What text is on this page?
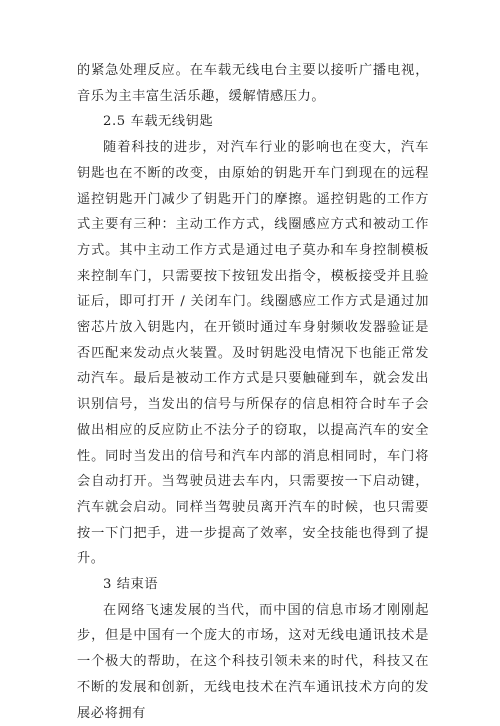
的紧急处理反应。在车载无线电台主要以接听广播电视，音乐为主丰富生活乐趣，缓解情感压力。

2.5 车载无线钥匙

随着科技的进步，对汽车行业的影响也在变大，汽车钥匙也在不断的改变，由原始的钥匙开车门到现在的远程遥控钥匙开门减少了钥匙开门的摩擦。遥控钥匙的工作方式主要有三种：主动工作方式，线圈感应方式和被动工作方式。其中主动工作方式是通过电子莫办和车身控制模板来控制车门，只需要按下按钮发出指令，模板接受并且验证后，即可打开 / 关闭车门。线圈感应工作方式是通过加密芯片放入钥匙内，在开锁时通过车身射频收发器验证是否匹配来发动点火装置。及时钥匙没电情况下也能正常发动汽车。最后是被动工作方式是只要触碰到车，就会发出识别信号，当发出的信号与所保存的信息相符合时车子会做出相应的反应防止不法分子的窃取，以提高汽车的安全性。同时当发出的信号和汽车内部的消息相同时，车门将会自动打开。当驾驶员进去车内，只需要按一下启动键，汽车就会启动。同样当驾驶员离开汽车的时候，也只需要按一下门把手，进一步提高了效率，安全技能也得到了提升。

3 结束语

在网络飞速发展的当代，而中国的信息市场才刚刚起步，但是中国有一个庞大的市场，这对无线电通讯技术是一个极大的帮助，在这个科技引领未来的时代，科技又在不断的发展和创新，无线电技术在汽车通讯技术方向的发展必将拥有
